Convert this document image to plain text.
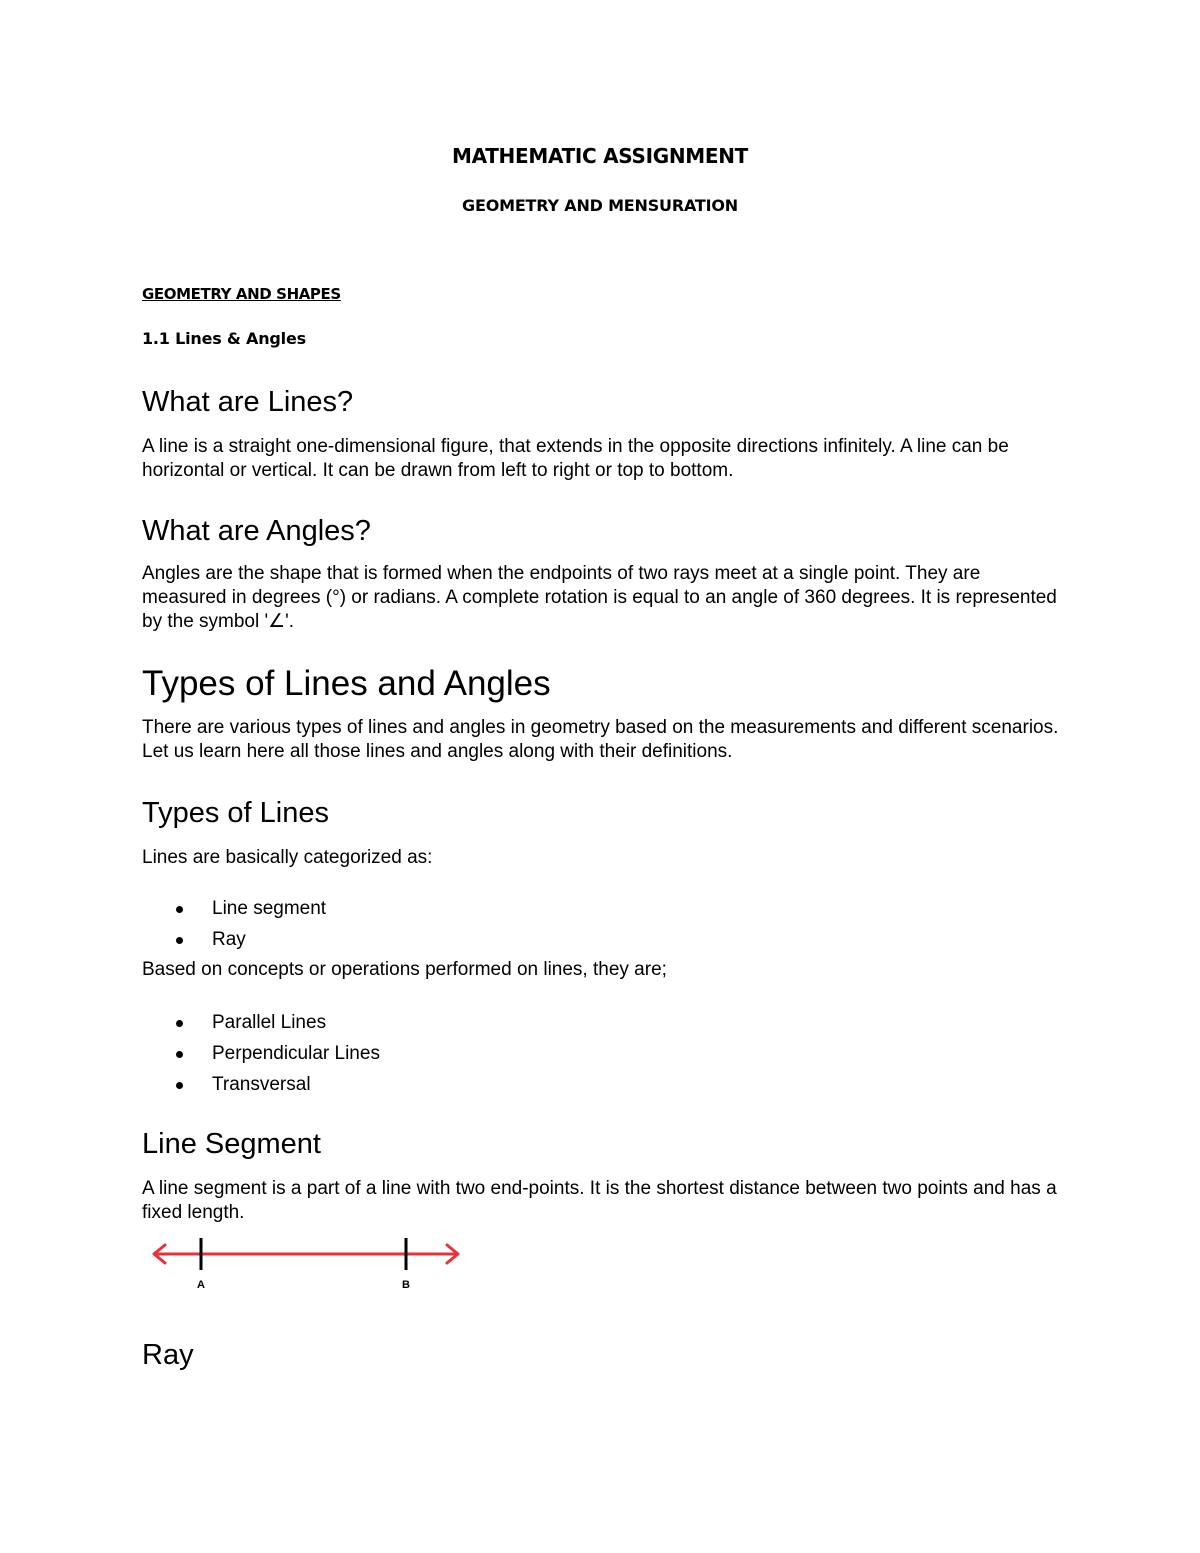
MATHEMATIC ASSIGNMENT
GEOMETRY AND MENSURATION
GEOMETRY AND SHAPES
1.1 Lines & Angles
What are Lines?
A line is a straight one-dimensional figure, that extends in the opposite directions infinitely. A line can be horizontal or vertical. It can be drawn from left to right or top to bottom.
What are Angles?
Angles are the shape that is formed when the endpoints of two rays meet at a single point. They are measured in degrees (°) or radians. A complete rotation is equal to an angle of 360 degrees. It is represented by the symbol '∠'.
Types of Lines and Angles
There are various types of lines and angles in geometry based on the measurements and different scenarios. Let us learn here all those lines and angles along with their definitions.
Types of Lines
Lines are basically categorized as:
Line segment
Ray
Based on concepts or operations performed on lines, they are;
Parallel Lines
Perpendicular Lines
Transversal
Line Segment
A line segment is a part of a line with two end-points. It is the shortest distance between two points and has a fixed length.
A	B
Ray
